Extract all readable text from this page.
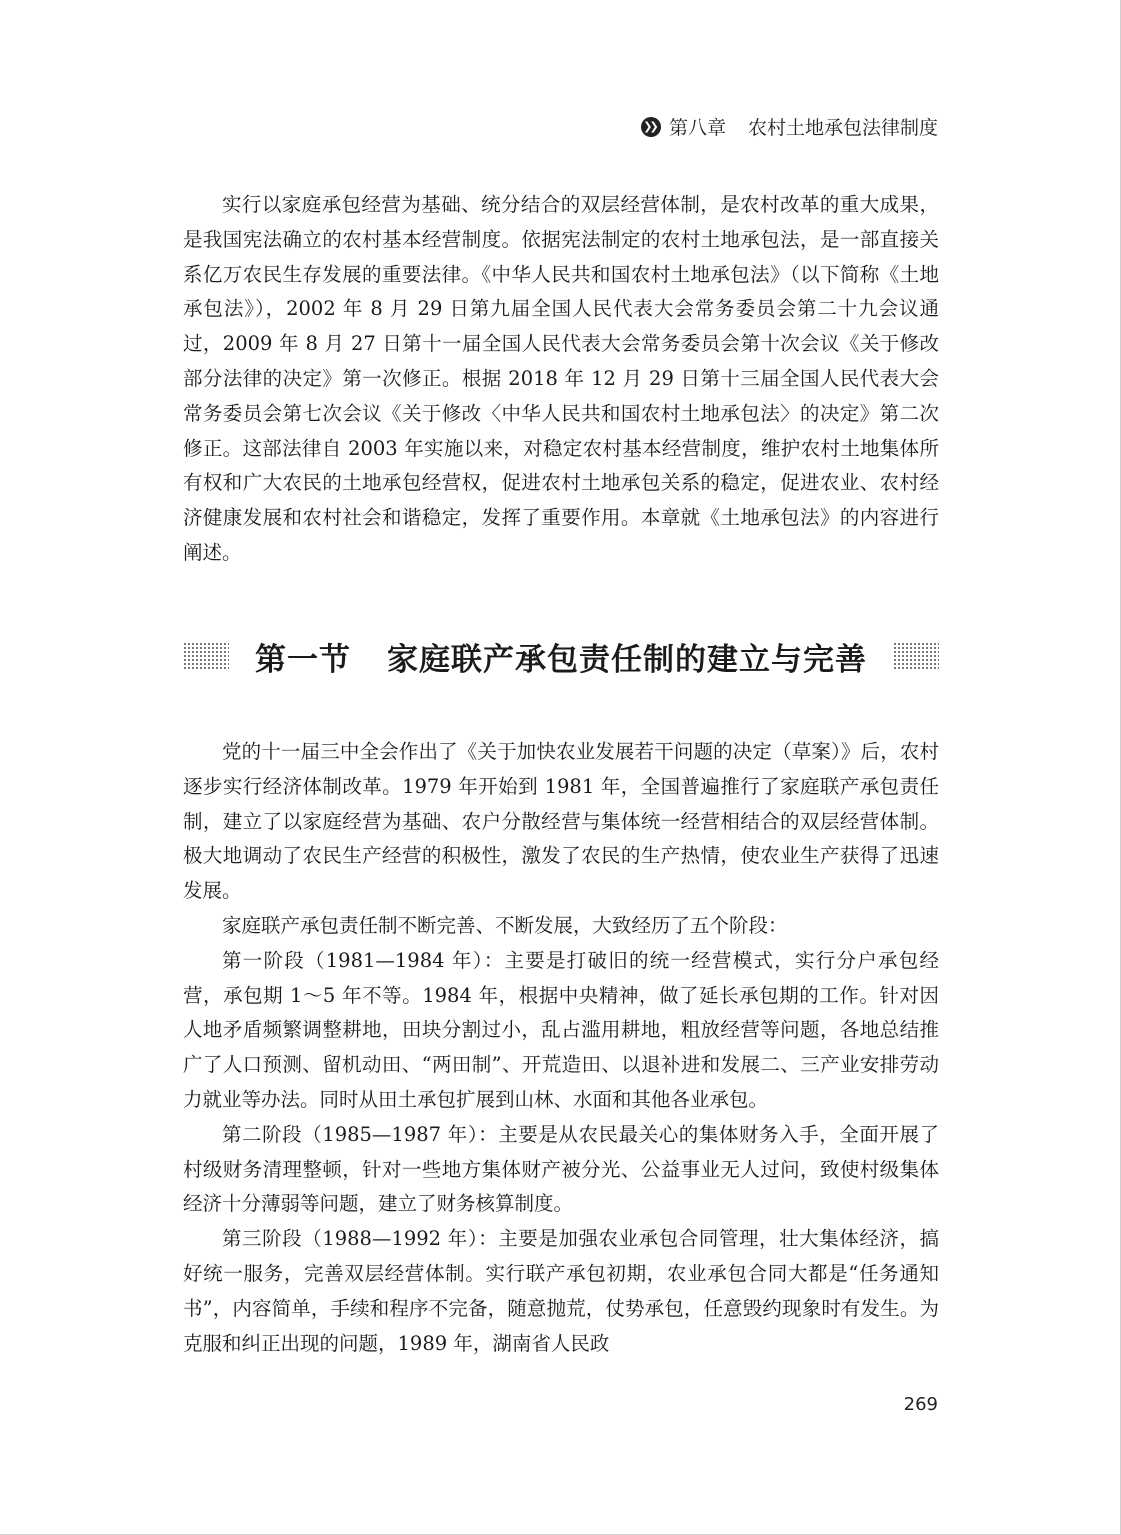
❯❯ 第八章 农村土地承包法律制度

实行以家庭承包经营为基础、统分结合的双层经营体制，是农村改革的重大成果，是我国宪法确立的农村基本经营制度。依据宪法制定的农村土地承包法，是一部直接关系亿万农民生存发展的重要法律。《中华人民共和国农村土地承包法》（以下简称《土地承包法》），2002 年 8 月 29 日第九届全国人民代表大会常务委员会第二十九会议通过，2009 年 8 月 27 日第十一届全国人民代表大会常务委员会第十次会议《关于修改部分法律的决定》第一次修正。根据 2018 年 12 月 29 日第十三届全国人民代表大会常务委员会第七次会议《关于修改〈中华人民共和国农村土地承包法〉的决定》第二次修正。这部法律自 2003 年实施以来，对稳定农村基本经营制度，维护农村土地集体所有权和广大农民的土地承包经营权，促进农村土地承包关系的稳定，促进农业、农村经济健康发展和农村社会和谐稳定，发挥了重要作用。本章就《土地承包法》的内容进行阐述。

第一节 家庭联产承包责任制的建立与完善

党的十一届三中全会作出了《关于加快农业发展若干问题的决定（草案）》后，农村逐步实行经济体制改革。1979 年开始到 1981 年，全国普遍推行了家庭联产承包责任制，建立了以家庭经营为基础、农户分散经营与集体统一经营相结合的双层经营体制。极大地调动了农民生产经营的积极性，激发了农民的生产热情，使农业生产获得了迅速发展。

家庭联产承包责任制不断完善、不断发展，大致经历了五个阶段：

第一阶段（1981—1984 年）：主要是打破旧的统一经营模式，实行分户承包经营，承包期 1～5 年不等。1984 年，根据中央精神，做了延长承包期的工作。针对因人地矛盾频繁调整耕地，田块分割过小，乱占滥用耕地，粗放经营等问题，各地总结推广了人口预测、留机动田、“两田制”、开荒造田、以退补进和发展二、三产业安排劳动力就业等办法。同时从田土承包扩展到山林、水面和其他各业承包。

第二阶段（1985—1987 年）：主要是从农民最关心的集体财务入手，全面开展了村级财务清理整顿，针对一些地方集体财产被分光、公益事业无人过问，致使村级集体经济十分薄弱等问题，建立了财务核算制度。

第三阶段（1988—1992 年）：主要是加强农业承包合同管理，壮大集体经济，搞好统一服务，完善双层经营体制。实行联产承包初期，农业承包合同大都是“任务通知书”，内容简单，手续和程序不完备，随意抛荒，仗势承包，任意毁约现象时有发生。为克服和纠正出现的问题，1989 年，湖南省人民政

269
